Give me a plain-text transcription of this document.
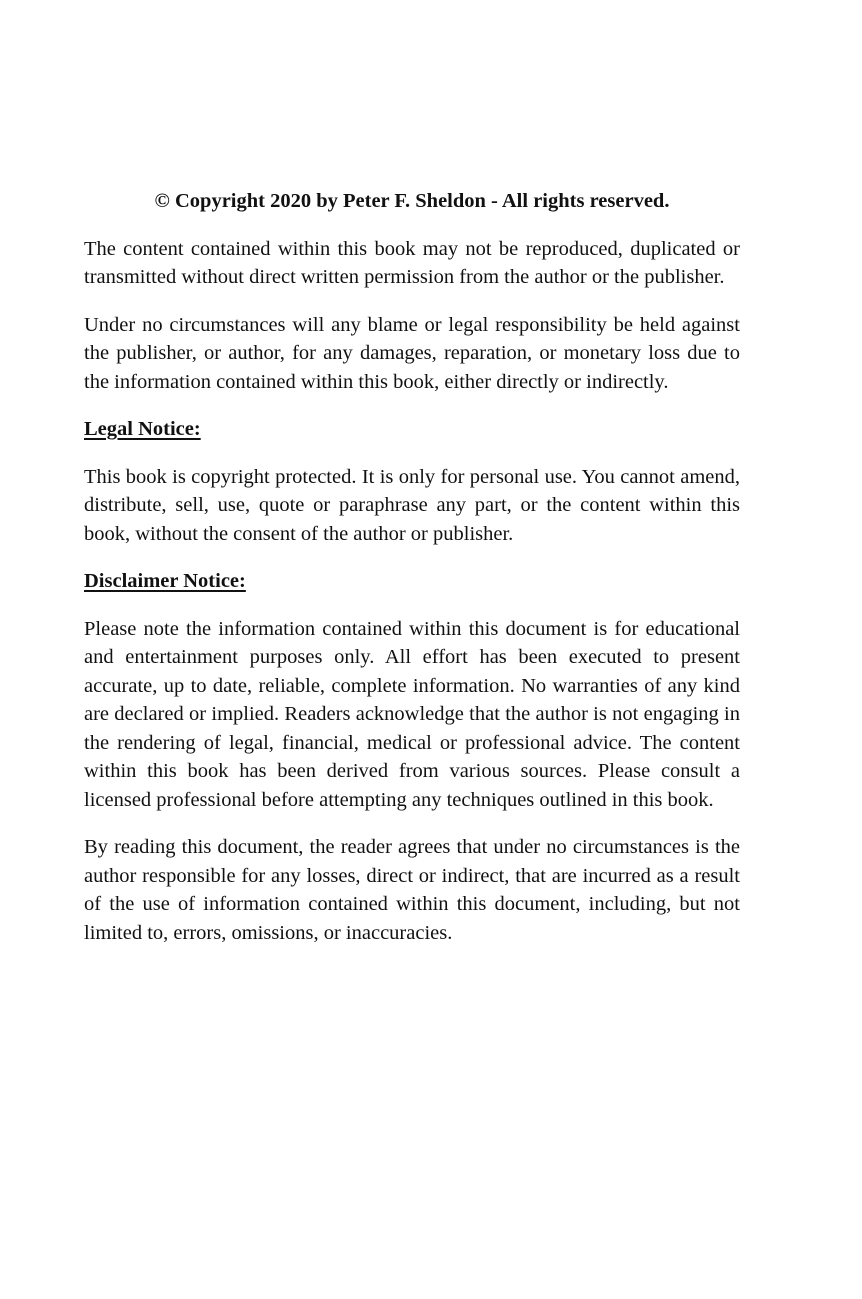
© Copyright 2020 by Peter F. Sheldon - All rights reserved.

The content contained within this book may not be reproduced, duplicated or transmitted without direct written permission from the author or the publisher.

Under no circumstances will any blame or legal responsibility be held against the publisher, or author, for any damages, reparation, or monetary loss due to the information contained within this book, either directly or indirectly.

Legal Notice:

This book is copyright protected. It is only for personal use. You cannot amend, distribute, sell, use, quote or paraphrase any part, or the content within this book, without the consent of the author or publisher.

Disclaimer Notice:

Please note the information contained within this document is for educational and entertainment purposes only. All effort has been executed to present accurate, up to date, reliable, complete information. No warranties of any kind are declared or implied. Readers acknowledge that the author is not engaging in the rendering of legal, financial, medical or professional advice. The content within this book has been derived from various sources. Please consult a licensed professional before attempting any techniques outlined in this book.

By reading this document, the reader agrees that under no circumstances is the author responsible for any losses, direct or indirect, that are incurred as a result of the use of information contained within this document, including, but not limited to, errors, omissions, or inaccuracies.
